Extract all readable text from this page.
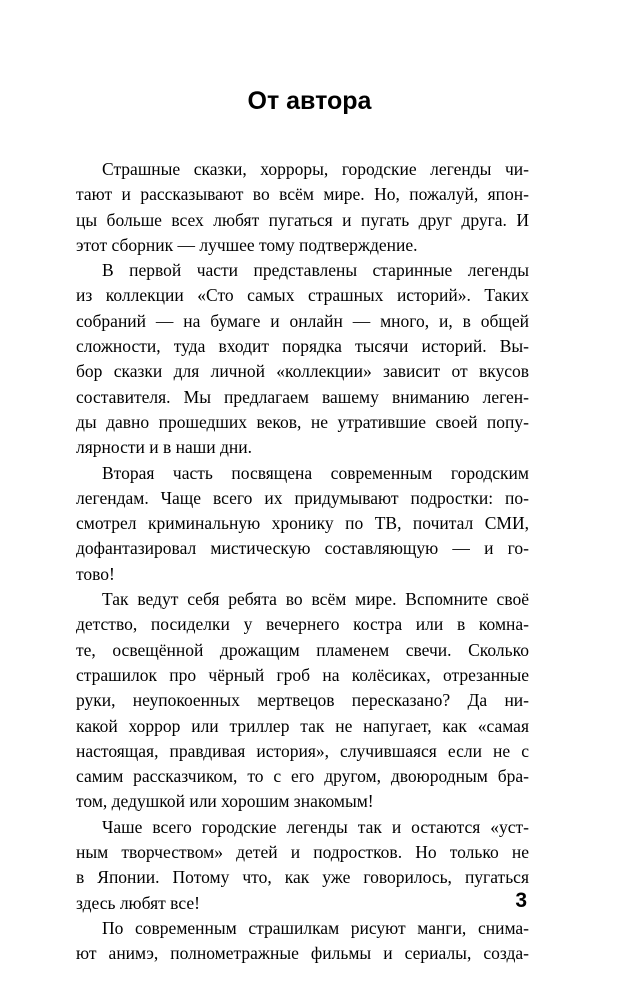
От автора
Страшные сказки, хорроры, городские легенды чи-
тают и рассказывают во всём мире. Но, пожалуй, япон-
цы больше всех любят пугаться и пугать друг друга. И
этот сборник — лучшее тому подтверждение.
В первой части представлены старинные легенды
из коллекции «Сто самых страшных историй». Таких
собраний — на бумаге и онлайн — много, и, в общей
сложности, туда входит порядка тысячи историй. Вы-
бор сказки для личной «коллекции» зависит от вкусов
составителя. Мы предлагаем вашему вниманию леген-
ды давно прошедших веков, не утратившие своей попу-
лярности и в наши дни.
Вторая часть посвящена современным городским
легендам. Чаще всего их придумывают подростки: по-
смотрел криминальную хронику по ТВ, почитал СМИ,
дофантазировал мистическую составляющую — и го-
тово!
Так ведут себя ребята во всём мире. Вспомните своё
детство, посиделки у вечернего костра или в комна-
те, освещённой дрожащим пламенем свечи. Сколько
страшилок про чёрный гроб на колёсиках, отрезанные
руки, неупокоенных мертвецов пересказано? Да ни-
какой хоррор или триллер так не напугает, как «самая
настоящая, правдивая история», случившаяся если не с
самим рассказчиком, то с его другом, двоюродным бра-
том, дедушкой или хорошим знакомым!
Чаше всего городские легенды так и остаются «уст-
ным творчеством» детей и подростков. Но только не
в Японии. Потому что, как уже говорилось, пугаться
здесь любят все!
По современным страшилкам рисуют манги, снима-
ют анимэ, полнометражные фильмы и сериалы, созда-
3
